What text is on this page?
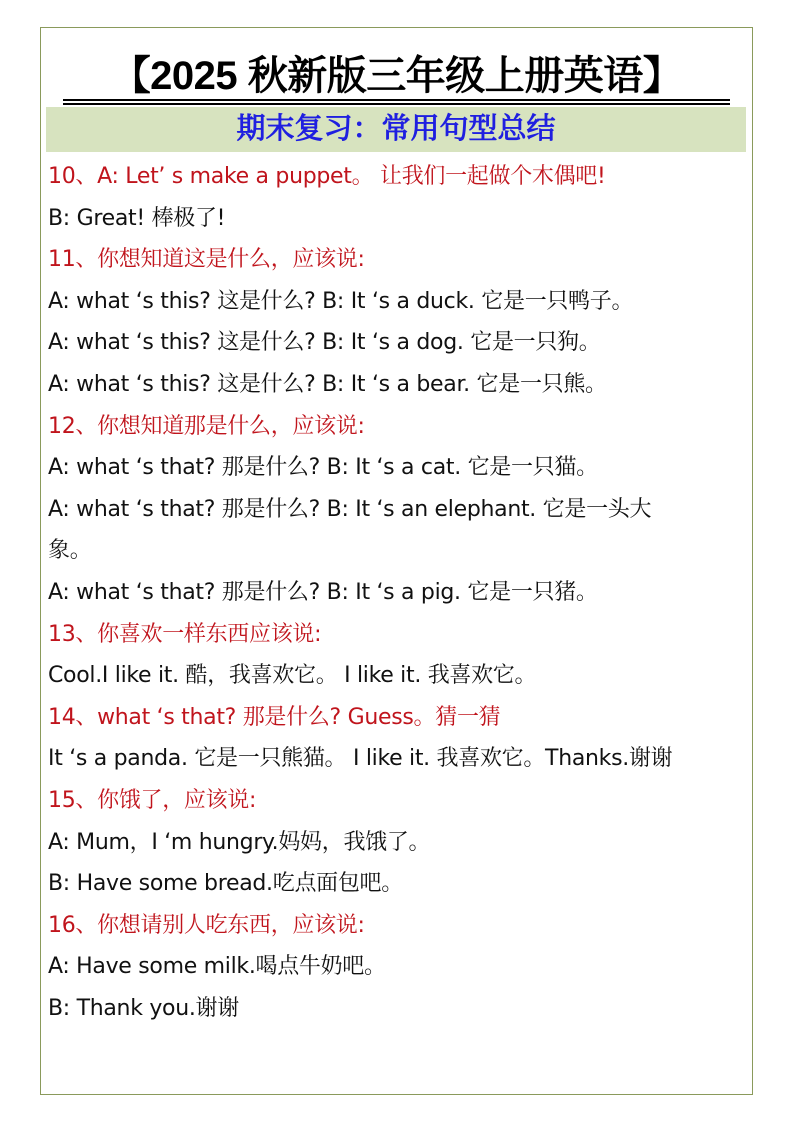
【2025 秋新版三年级上册英语】
期末复习：常用句型总结
10、A: Let’ s make a puppet。 让我们一起做个木偶吧!
B: Great! 棒极了!
11、你想知道这是什么，应该说:
A: what ‘s this? 这是什么? B: It ‘s a duck. 它是一只鸭子。
A: what ‘s this? 这是什么? B: It ‘s a dog. 它是一只狗。
A: what ‘s this? 这是什么? B: It ‘s a bear. 它是一只熊。
12、你想知道那是什么，应该说:
A: what ‘s that? 那是什么? B: It ‘s a cat. 它是一只猫。
A: what ‘s that? 那是什么? B: It ‘s an elephant. 它是一头大
象。
A: what ‘s that? 那是什么? B: It ‘s a pig. 它是一只猪。
13、你喜欢一样东西应该说:
Cool.I like it. 酷，我喜欢它。 I like it. 我喜欢它。
14、what ‘s that? 那是什么? Guess。猜一猜
It ‘s a panda. 它是一只熊猫。 I like it. 我喜欢它。Thanks.谢谢
15、你饿了，应该说:
A: Mum，I ‘m hungry.妈妈，我饿了。
B: Have some bread.吃点面包吧。
16、你想请别人吃东西，应该说:
A: Have some milk.喝点牛奶吧。
B: Thank you.谢谢
